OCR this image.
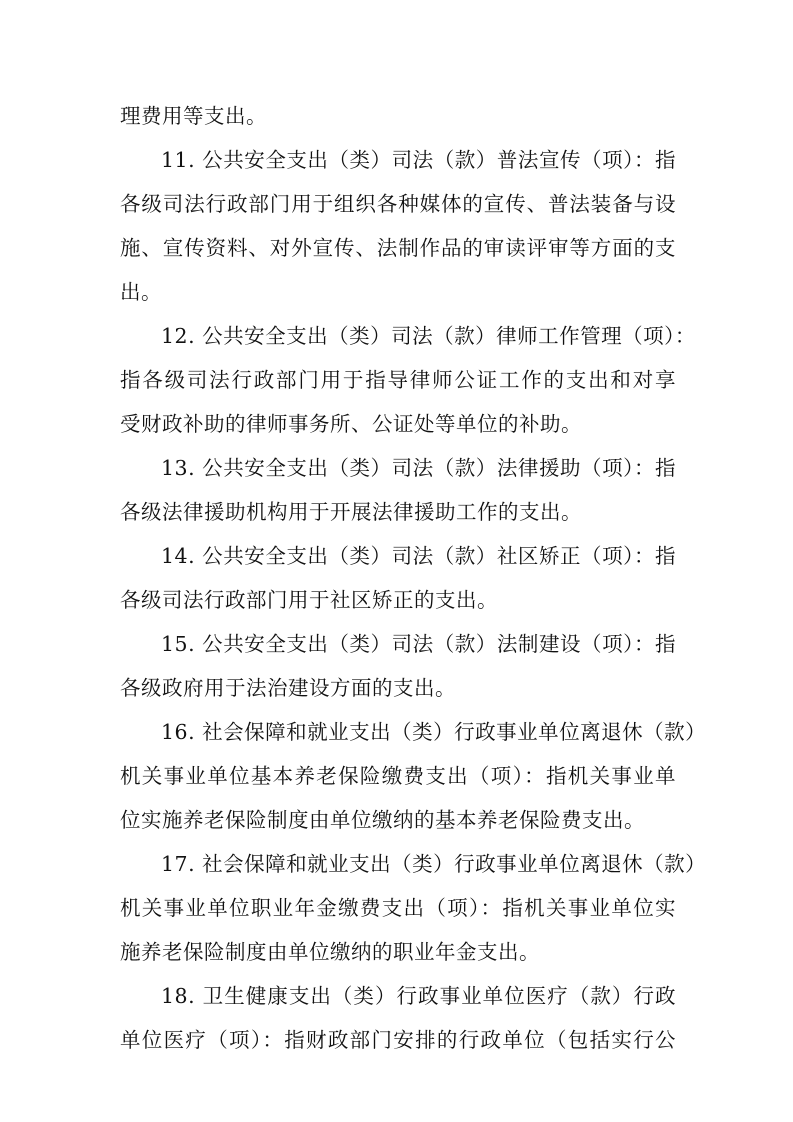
理费用等支出。
11. 公共安全支出（类）司法（款）普法宣传（项）：指
各级司法行政部门用于组织各种媒体的宣传、普法装备与设
施、宣传资料、对外宣传、法制作品的审读评审等方面的支
出。
12. 公共安全支出（类）司法（款）律师工作管理（项）：
指各级司法行政部门用于指导律师公证工作的支出和对享
受财政补助的律师事务所、公证处等单位的补助。
13. 公共安全支出（类）司法（款）法律援助（项）：指
各级法律援助机构用于开展法律援助工作的支出。
14. 公共安全支出（类）司法（款）社区矫正（项）：指
各级司法行政部门用于社区矫正的支出。
15. 公共安全支出（类）司法（款）法制建设（项）：指
各级政府用于法治建设方面的支出。
16. 社会保障和就业支出（类）行政事业单位离退休（款）
机关事业单位基本养老保险缴费支出（项）：指机关事业单
位实施养老保险制度由单位缴纳的基本养老保险费支出。
17. 社会保障和就业支出（类）行政事业单位离退休（款）
机关事业单位职业年金缴费支出（项）：指机关事业单位实
施养老保险制度由单位缴纳的职业年金支出。
18. 卫生健康支出（类）行政事业单位医疗（款）行政
单位医疗（项）：指财政部门安排的行政单位（包括实行公
